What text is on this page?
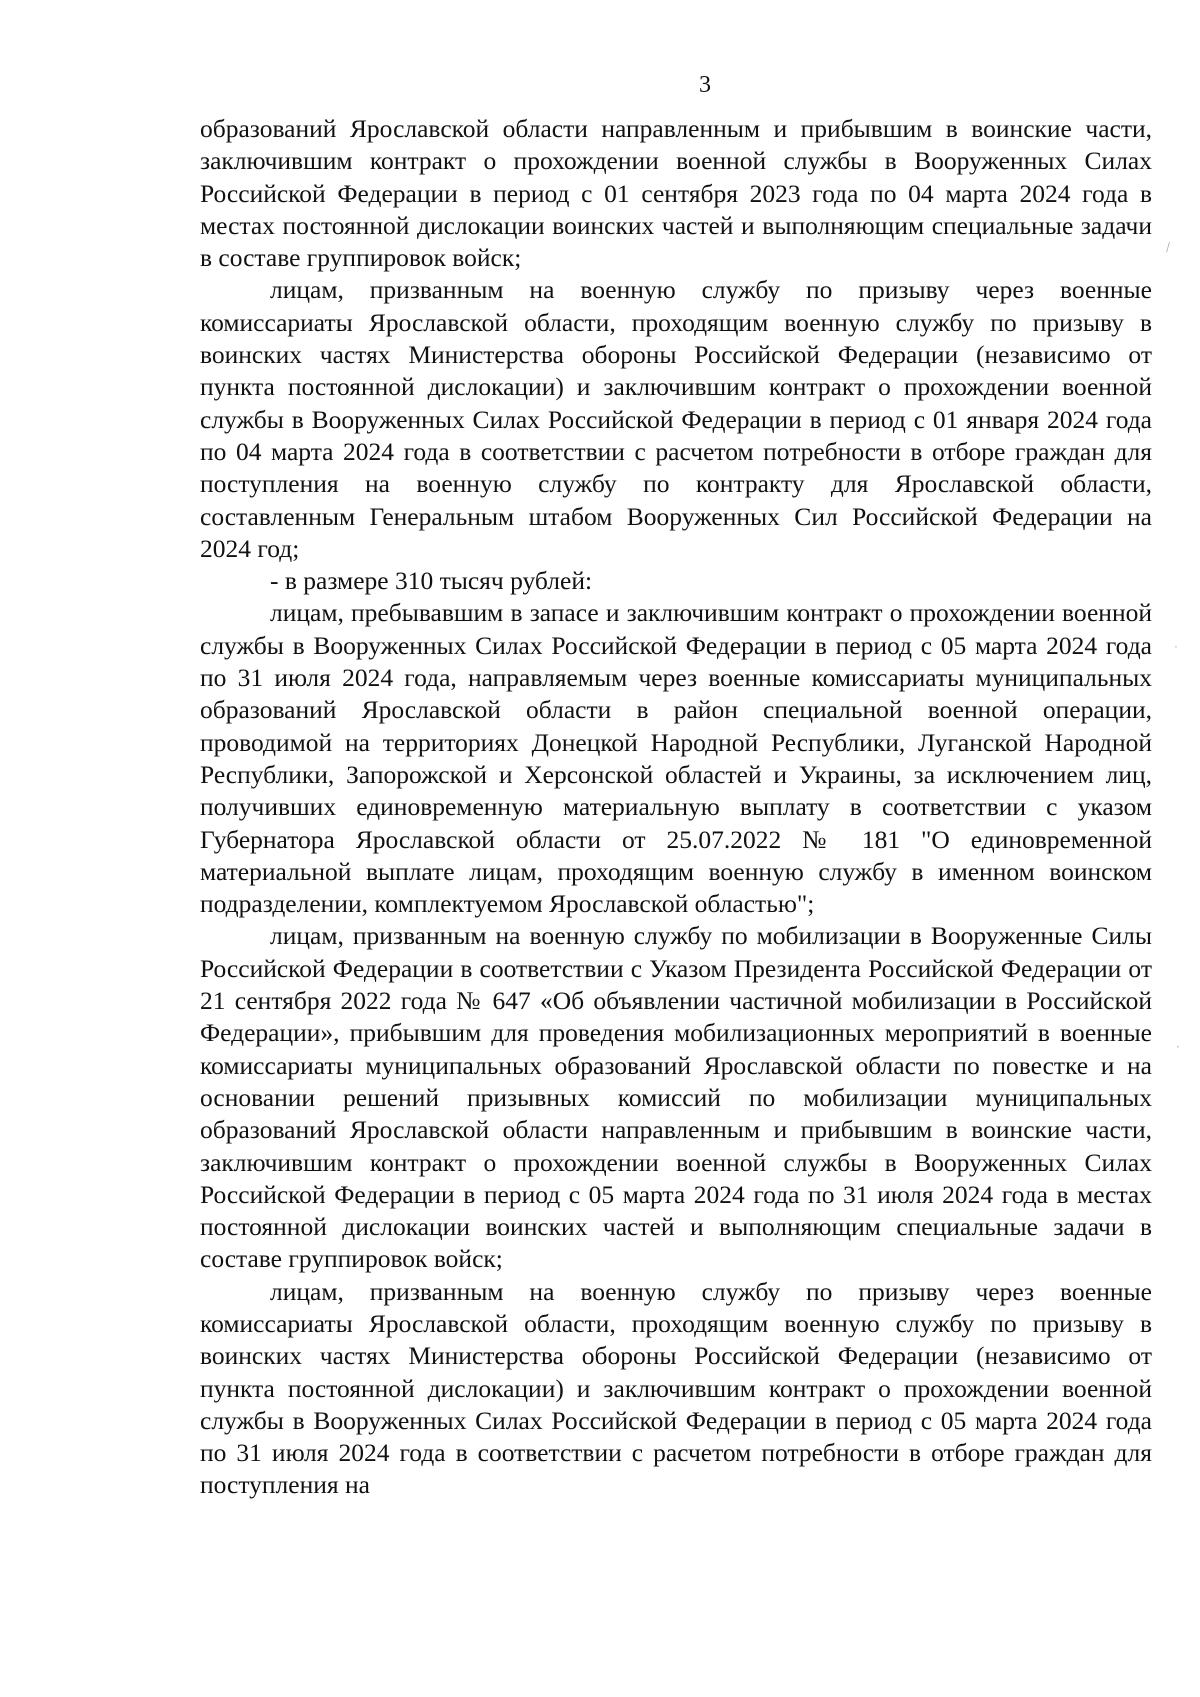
3

образований Ярославской области направленным и прибывшим в воинские части, заключившим контракт о прохождении военной службы в Вооруженных Силах Российской Федерации в период с 01 сентября 2023 года по 04 марта 2024 года в местах постоянной дислокации воинских частей и выполняющим специальные задачи в составе группировок войск;

лицам, призванным на военную службу по призыву через военные комиссариаты Ярославской области, проходящим военную службу по призыву в воинских частях Министерства обороны Российской Федерации (независимо от пункта постоянной дислокации) и заключившим контракт о прохождении военной службы в Вооруженных Силах Российской Федерации в период с 01 января 2024 года по 04 марта 2024 года в соответствии с расчетом потребности в отборе граждан для поступления на военную службу по контракту для Ярославской области, составленным Генеральным штабом Вооруженных Сил Российской Федерации на 2024 год;

- в размере 310 тысяч рублей:

лицам, пребывавшим в запасе и заключившим контракт о прохождении военной службы в Вооруженных Силах Российской Федерации в период с 05 марта 2024 года по 31 июля 2024 года, направляемым через военные комиссариаты муниципальных образований Ярославской области в район специальной военной операции, проводимой на территориях Донецкой Народной Республики, Луганской Народной Республики, Запорожской и Херсонской областей и Украины, за исключением лиц, получивших единовременную материальную выплату в соответствии с указом Губернатора Ярославской области от 25.07.2022 № 181 "О единовременной материальной выплате лицам, проходящим военную службу в именном воинском подразделении, комплектуемом Ярославской областью";

лицам, призванным на военную службу по мобилизации в Вооруженные Силы Российской Федерации в соответствии с Указом Президента Российской Федерации от 21 сентября 2022 года № 647 «Об объявлении частичной мобилизации в Российской Федерации», прибывшим для проведения мобилизационных мероприятий в военные комиссариаты муниципальных образований Ярославской области по повестке и на основании решений призывных комиссий по мобилизации муниципальных образований Ярославской области направленным и прибывшим в воинские части, заключившим контракт о прохождении военной службы в Вооруженных Силах Российской Федерации в период с 05 марта 2024 года по 31 июля 2024 года в местах постоянной дислокации воинских частей и выполняющим специальные задачи в составе группировок войск;

лицам, призванным на военную службу по призыву через военные комиссариаты Ярославской области, проходящим военную службу по призыву в воинских частях Министерства обороны Российской Федерации (независимо от пункта постоянной дислокации) и заключившим контракт о прохождении военной службы в Вооруженных Силах Российской Федерации в период с 05 марта 2024 года по 31 июля 2024 года в соответствии с расчетом потребности в отборе граждан для поступления на

/
·
·
